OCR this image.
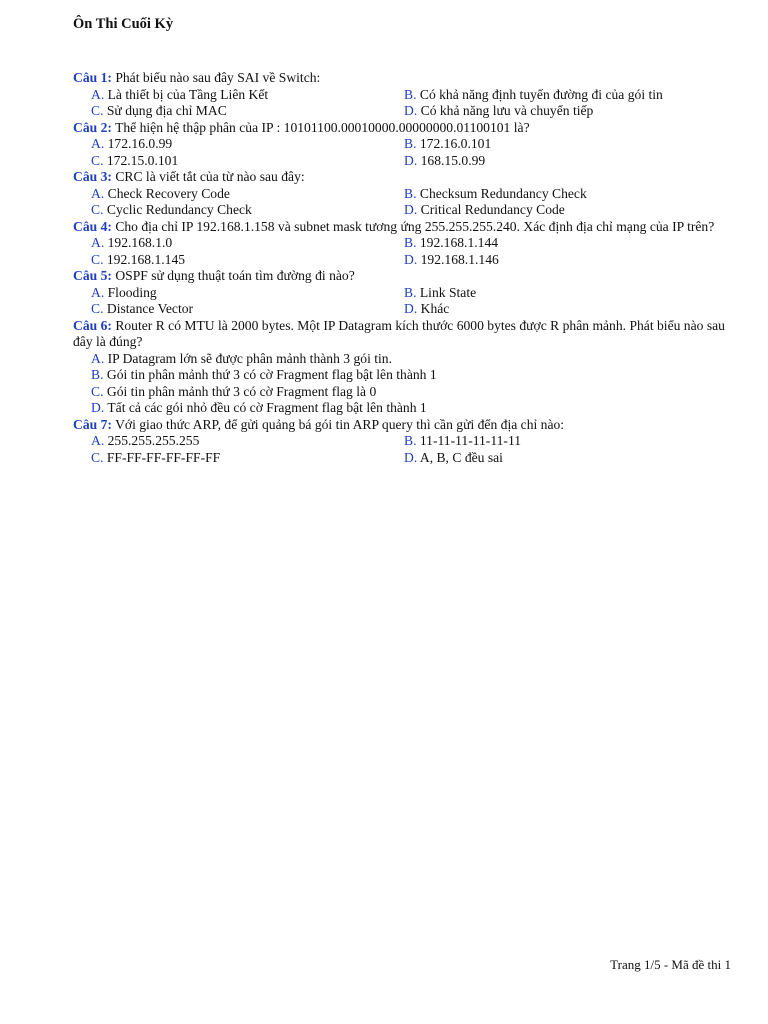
Ôn Thi Cuối Kỳ
Câu 1: Phát biểu nào sau đây SAI về Switch:
A. Là thiết bị của Tầng Liên Kết	B. Có khả năng định tuyến đường đi của gói tin
C. Sử dụng địa chỉ MAC	D. Có khả năng lưu và chuyển tiếp
Câu 2: Thể hiện hệ thập phân của IP : 10101100.00010000.00000000.01100101 là?
A. 172.16.0.99	B. 172.16.0.101
C. 172.15.0.101	D. 168.15.0.99
Câu 3: CRC là viết tắt của từ nào sau đây:
A. Check Recovery Code	B. Checksum Redundancy Check
C. Cyclic Redundancy Check	D. Critical Redundancy Code
Câu 4: Cho địa chỉ IP 192.168.1.158 và subnet mask tương ứng 255.255.255.240. Xác định địa chỉ mạng của IP trên?
A. 192.168.1.0	B. 192.168.1.144
C. 192.168.1.145	D. 192.168.1.146
Câu 5: OSPF sử dụng thuật toán tìm đường đi nào?
A. Flooding	B. Link State
C. Distance Vector	D. Khác
Câu 6: Router R có MTU là 2000 bytes. Một IP Datagram kích thước 6000 bytes được R phân mảnh. Phát biểu nào sau đây là đúng?
A. IP Datagram lớn sẽ được phân mảnh thành 3 gói tin.
B. Gói tin phân mảnh thứ 3 có cờ Fragment flag bật lên thành 1
C. Gói tin phân mảnh thứ 3 có cờ Fragment flag là 0
D. Tất cả các gói nhỏ đều có cờ Fragment flag bật lên thành 1
Câu 7: Với giao thức ARP, để gửi quảng bá gói tin ARP query thì cần gửi đến địa chỉ nào:
A. 255.255.255.255	B. 11-11-11-11-11-11
C. FF-FF-FF-FF-FF-FF	D. A, B, C đều sai
Trang 1/5 - Mã đề thi 1
